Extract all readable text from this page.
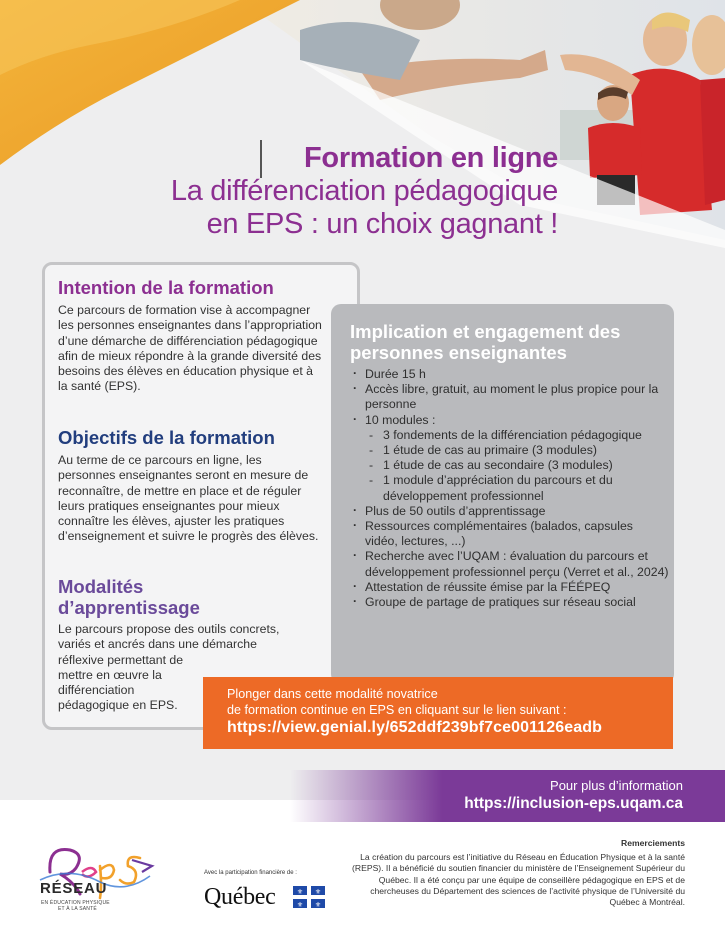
Formation en ligne
La différenciation pédagogique
en EPS : un choix gagnant !
Intention de la formation
Ce parcours de formation vise à accompagner les personnes enseignantes dans l’appropriation d’une démarche de différenciation pédagogique afin de mieux répondre à la grande diversité des besoins des élèves en éducation physique et à la santé (EPS).
Objectifs de la formation
Au terme de ce parcours en ligne, les personnes enseignantes seront en mesure de reconnaître, de mettre en place et de réguler leurs pratiques enseignantes pour mieux connaître les élèves, ajuster les pratiques d’enseignement et suivre le progrès des élèves.
Modalités
d’apprentissage
Le parcours propose des outils concrets,
variés et ancrés dans une démarche
réflexive permettant de
mettre en œuvre la
différenciation
pédagogique en EPS.
Implication et engagement des personnes enseignantes
· Durée 15 h
· Accès libre, gratuit, au moment le plus propice pour la personne
· 10 modules :
- 3 fondements de la différenciation pédagogique
- 1 étude de cas au primaire (3 modules)
- 1 étude de cas au secondaire (3 modules)
- 1 module d’appréciation du parcours et du développement professionnel
· Plus de 50 outils d’apprentissage
· Ressources complémentaires (balados, capsules vidéo, lectures, ...)
· Recherche avec l’UQAM : évaluation du parcours et développement professionnel perçu (Verret et al., 2024)
· Attestation de réussite émise par la FÉÉPEQ
· Groupe de partage de pratiques sur réseau social
Plonger dans cette modalité novatrice
de formation continue en EPS en cliquant sur le lien suivant :
https://view.genial.ly/652ddf239bf7ce001126eadb
Pour plus d’information
https://inclusion-eps.uqam.ca
RÉSEAU
EN ÉDUCATION PHYSIQUE
ET À LA SANTÉ
Avec la participation financière de :
Québec	⚜ ⚜
⚜ ⚜
Remerciements
La création du parcours est l’initiative du Réseau en Éducation Physique et à la santé (REPS). Il a bénéficié du soutien financier du ministère de l’Enseignement Supérieur du Québec. Il a été conçu par une équipe de conseillère pédagogique en EPS et de chercheuses du Département des sciences de l’activité physique de l’Université du Québec à Montréal.
